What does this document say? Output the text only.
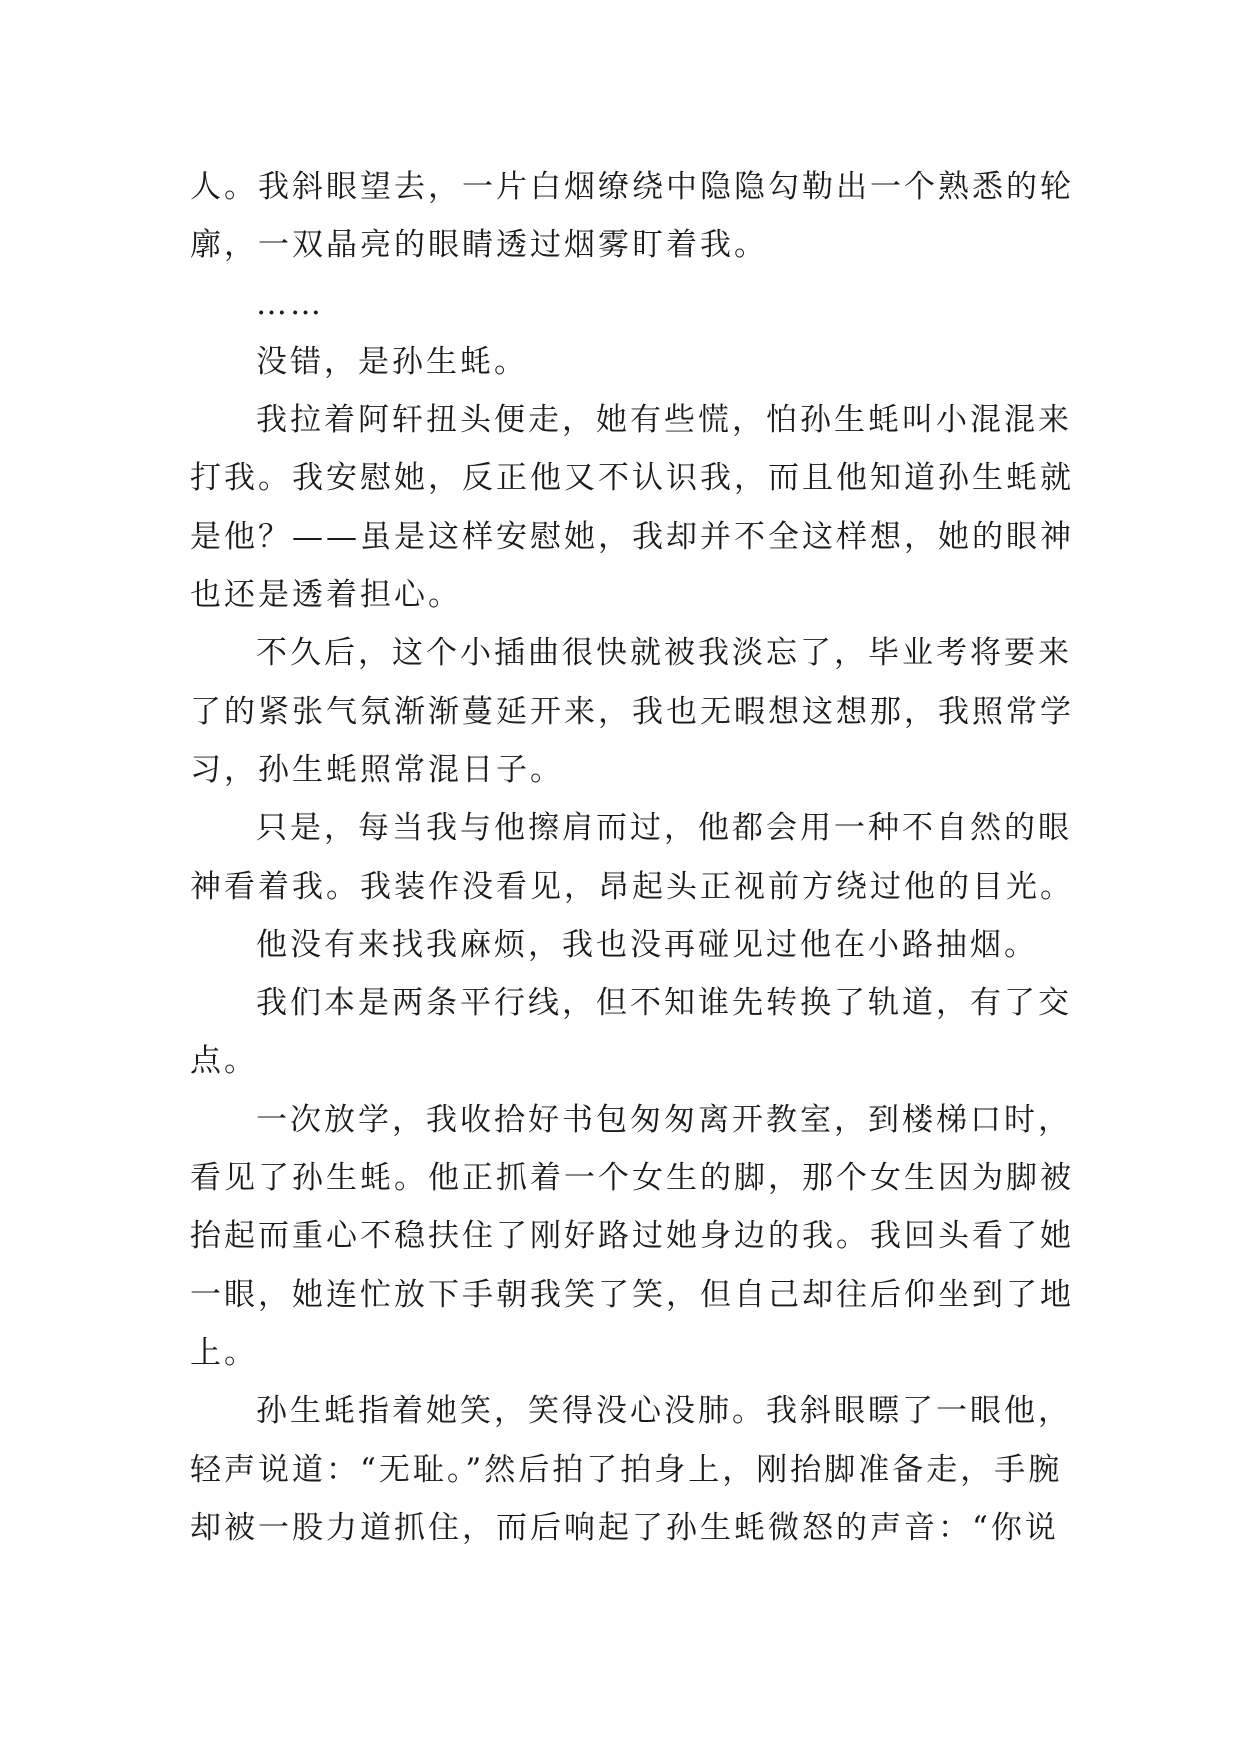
人。我斜眼望去，一片白烟缭绕中隐隐勾勒出一个熟悉的轮
廓，一双晶亮的眼睛透过烟雾盯着我。
……
没错，是孙生蚝。
我拉着阿轩扭头便走，她有些慌，怕孙生蚝叫小混混来
打我。我安慰她，反正他又不认识我，而且他知道孙生蚝就
是他？——虽是这样安慰她，我却并不全这样想，她的眼神
也还是透着担心。
不久后，这个小插曲很快就被我淡忘了，毕业考将要来
了的紧张气氛渐渐蔓延开来，我也无暇想这想那，我照常学
习，孙生蚝照常混日子。
只是，每当我与他擦肩而过，他都会用一种不自然的眼
神看着我。我装作没看见，昂起头正视前方绕过他的目光。
他没有来找我麻烦，我也没再碰见过他在小路抽烟。
我们本是两条平行线，但不知谁先转换了轨道，有了交
点。
一次放学，我收拾好书包匆匆离开教室，到楼梯口时，
看见了孙生蚝。他正抓着一个女生的脚，那个女生因为脚被
抬起而重心不稳扶住了刚好路过她身边的我。我回头看了她
一眼，她连忙放下手朝我笑了笑，但自己却往后仰坐到了地
上。
孙生蚝指着她笑，笑得没心没肺。我斜眼瞟了一眼他，
轻声说道：“无耻。”然后拍了拍身上，刚抬脚准备走，手腕
却被一股力道抓住，而后响起了孙生蚝微怒的声音：“你说
